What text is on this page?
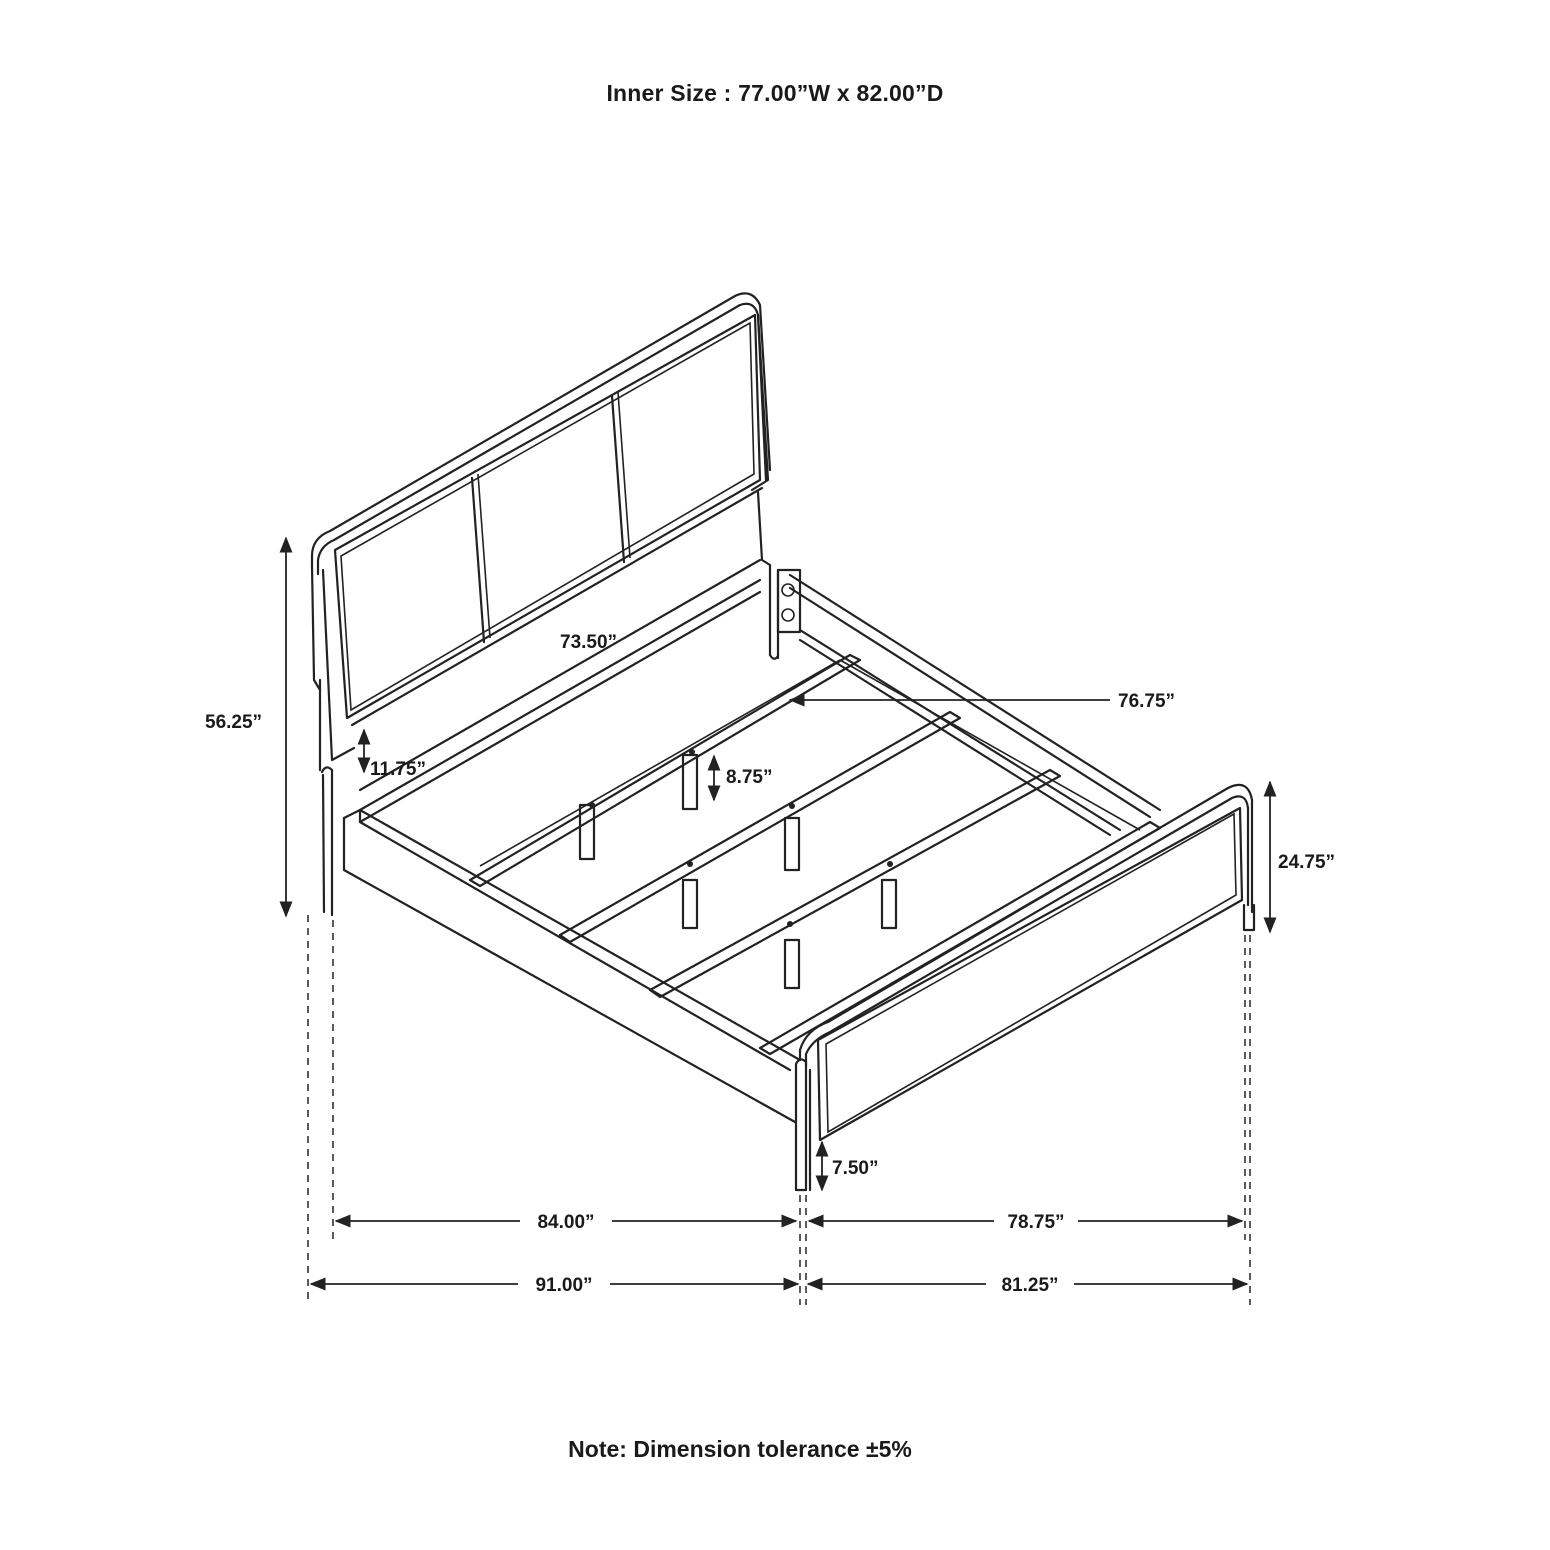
Inner Size : 77.00”W x 82.00”D
56.25”
73.50”
11.75”
76.75”
8.75”
24.75”
7.50”
84.00”	78.75”
91.00”	81.25”
Note: Dimension tolerance ±5%
